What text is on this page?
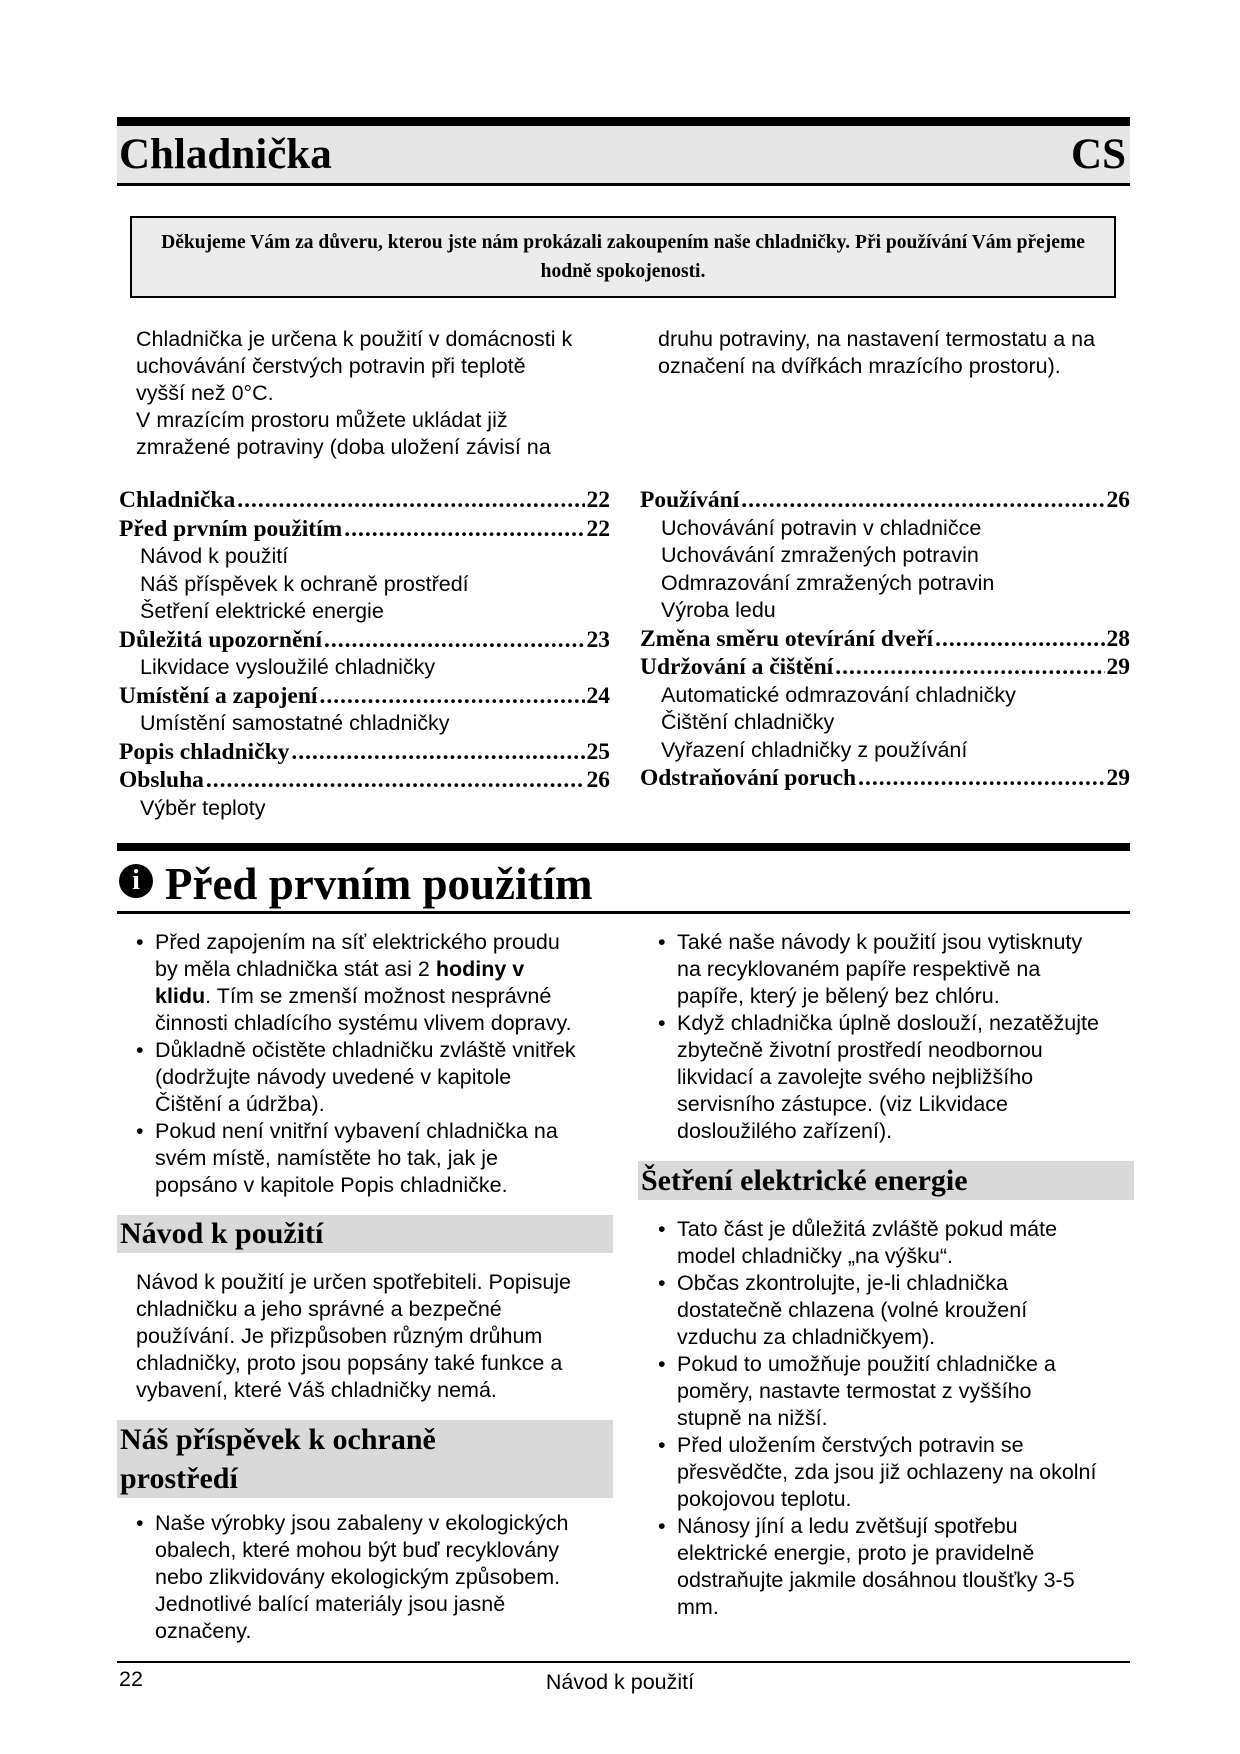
Chladnička	CS
Děkujeme Vám za důveru, kterou jste nám prokázali zakoupením naše chladničky. Při používání Vám přejeme hodně spokojenosti.
Chladnička je určena k použití v domácnosti k
uchovávání čerstvých potravin při teplotě
vyšší než 0°C.
V mrazícím prostoru můžete ukládat již
zmražené potraviny (doba uložení závisí na
druhu potraviny, na nastavení termostatu a na
označení na dvířkách mrazícího prostoru).
Chladnička .....	22
Před prvním použitím .....	22
Návod k použití
Náš příspěvek k ochraně prostředí
Šetření elektrické energie
Důležitá upozornění .....	23
Likvidace vysloužilé chladničky
Umístění a zapojení .....	24
Umístění samostatné chladničky
Popis chladničky .....	25
Obsluha .....	26
Výběr teploty
Používání .....	26
Uchovávání potravin v chladničce
Uchovávání zmražených potravin
Odmrazování zmražených potravin
Výroba ledu
Změna směru otevírání dveří .....	28
Udržování a čištění .....	29
Automatické odmrazování chladničky
Čištění chladničky
Vyřazení chladničky z používání
Odstraňování poruch .....	29
i Před prvním použitím
• Před zapojením na síť elektrického proudu
by měla chladnička stát asi 2 hodiny v
klidu. Tím se zmenší možnost nesprávné
činnosti chladícího systému vlivem dopravy.
• Důkladně očistěte chladničku zvláště vnitřek
(dodržujte návody uvedené v kapitole
Čištění a údržba).
• Pokud není vnitřní vybavení chladnička na
svém místě, namístěte ho tak, jak je
popsáno v kapitole Popis chladničke.
• Také naše návody k použití jsou vytisknuty
na recyklovaném papíře respektivě na
papíře, který je bělený bez chlóru.
• Když chladnička úplně doslouží, nezatěžujte
zbytečně životní prostředí neodbornou
likvidací a zavolejte svého nejbližšího
servisního zástupce. (viz Likvidace
dosloužilého zařízení).
Návod k použití
Návod k použití je určen spotřebiteli. Popisuje
chladničku a jeho správné a bezpečné
používání. Je přizpůsoben různým drůhum
chladničky, proto jsou popsány také funkce a
vybavení, které Váš chladničky nemá.
Náš příspěvek k ochraně
prostředí
• Naše výrobky jsou zabaleny v ekologických
obalech, které mohou být buď recyklovány
nebo zlikvidovány ekologickým způsobem.
Jednotlivé balící materiály jsou jasně
označeny.
Šetření elektrické energie
• Tato část je důležitá zvláště pokud máte
model chladničky „na výšku“.
• Občas zkontrolujte, je-li chladnička
dostatečně chlazena (volné kroužení
vzduchu za chladničkyem).
• Pokud to umožňuje použití chladničke a
poměry, nastavte termostat z vyššího
stupně na nižší.
• Před uložením čerstvých potravin se
přesvědčte, zda jsou již ochlazeny na okolní
pokojovou teplotu.
• Nánosy jíní a ledu zvětšují spotřebu
elektrické energie, proto je pravidelně
odstraňujte jakmile dosáhnou tloušťky 3-5
mm.
22	Návod k použití
